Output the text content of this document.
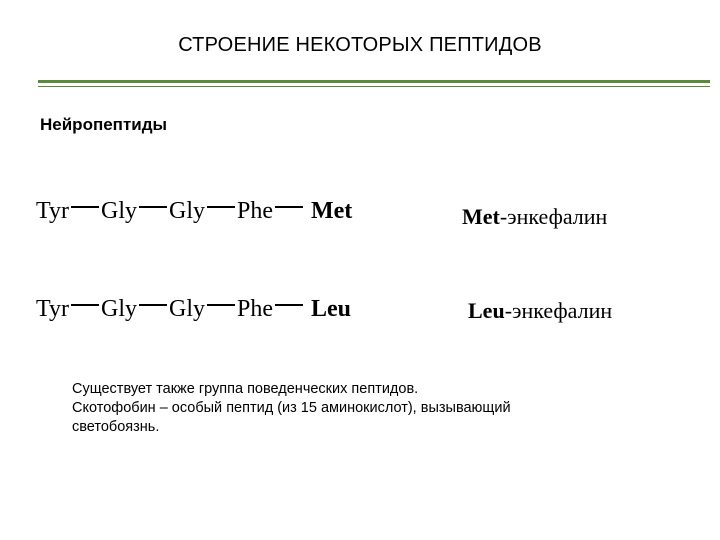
СТРОЕНИЕ НЕКОТОРЫХ ПЕПТИДОВ
Нейропептиды
Tyr Gly Gly Phe Met	Met-энкефалин
Tyr Gly Gly Phe Leu	Leu-энкефалин
Существует также группа поведенческих пептидов.
Скотофобин – особый пептид (из 15 аминокислот), вызывающий
светобоязнь.
